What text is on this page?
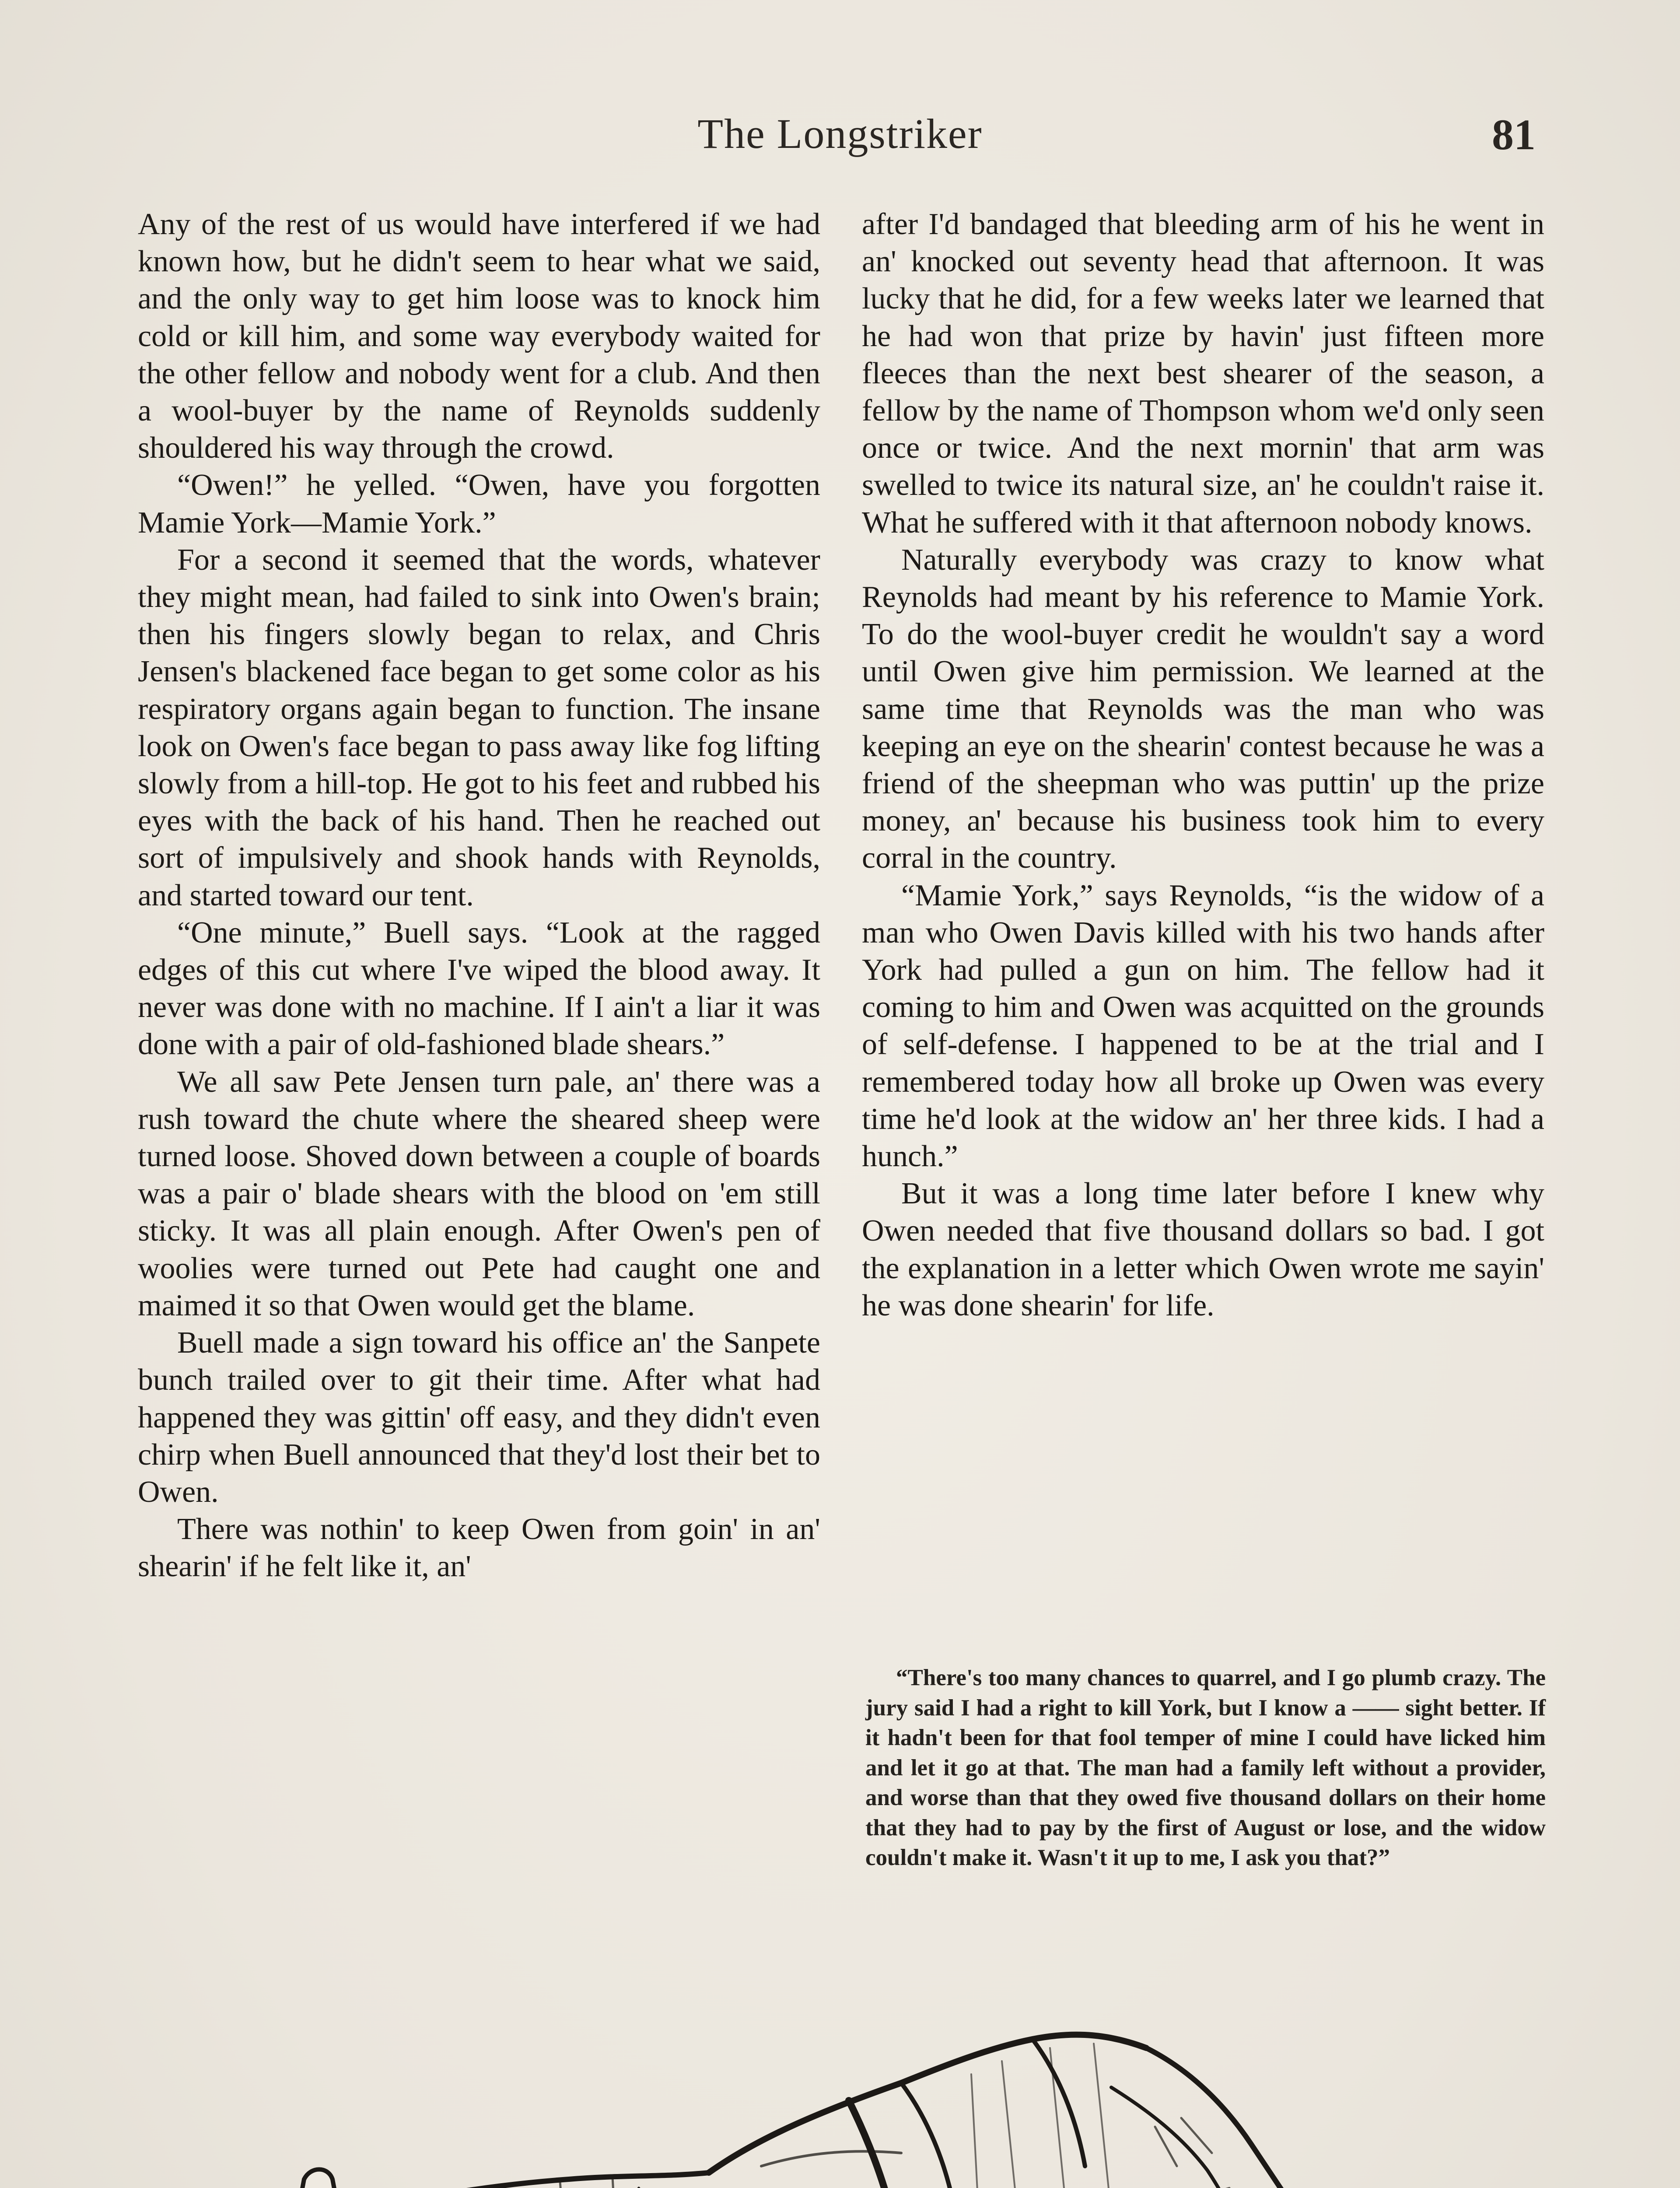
The Longstriker	81

Any of the rest of us would have interfered if we had known how, but he didn't seem to hear what we said, and the only way to get him loose was to knock him cold or kill him, and some way everybody waited for the other fellow and nobody went for a club. And then a wool-buyer by the name of Reynolds suddenly shouldered his way through the crowd.

“Owen!” he yelled. “Owen, have you forgotten Mamie York—Mamie York.”

For a second it seemed that the words, whatever they might mean, had failed to sink into Owen's brain; then his fingers slowly began to relax, and Chris Jensen's blackened face began to get some color as his respiratory organs again began to function. The insane look on Owen's face began to pass away like fog lifting slowly from a hill-top. He got to his feet and rubbed his eyes with the back of his hand. Then he reached out sort of impulsively and shook hands with Reynolds, and started toward our tent.

“One minute,” Buell says. “Look at the ragged edges of this cut where I've wiped the blood away. It never was done with no machine. If I ain't a liar it was done with a pair of old-fashioned blade shears.”

We all saw Pete Jensen turn pale, an' there was a rush toward the chute where the sheared sheep were turned loose. Shoved down between a couple of boards was a pair o' blade shears with the blood on 'em still sticky. It was all plain enough. After Owen's pen of woolies were turned out Pete had caught one and maimed it so that Owen would get the blame.

Buell made a sign toward his office an' the Sanpete bunch trailed over to git their time. After what had happened they was gittin' off easy, and they didn't even chirp when Buell announced that they'd lost their bet to Owen.

There was nothin' to keep Owen from goin' in an' shearin' if he felt like it, an'

after I'd bandaged that bleeding arm of his he went in an' knocked out seventy head that afternoon. It was lucky that he did, for a few weeks later we learned that he had won that prize by havin' just fifteen more fleeces than the next best shearer of the season, a fellow by the name of Thompson whom we'd only seen once or twice. And the next mornin' that arm was swelled to twice its natural size, an' he couldn't raise it. What he suffered with it that afternoon nobody knows.

Naturally everybody was crazy to know what Reynolds had meant by his reference to Mamie York. To do the wool-buyer credit he wouldn't say a word until Owen give him permission. We learned at the same time that Reynolds was the man who was keeping an eye on the shearin' contest because he was a friend of the sheepman who was puttin' up the prize money, an' because his business took him to every corral in the country.

“Mamie York,” says Reynolds, “is the widow of a man who Owen Davis killed with his two hands after York had pulled a gun on him. The fellow had it coming to him and Owen was acquitted on the grounds of self-defense. I happened to be at the trial and I remembered today how all broke up Owen was every time he'd look at the widow an' her three kids. I had a hunch.”

But it was a long time later before I knew why Owen needed that five thousand dollars so bad. I got the explanation in a letter which Owen wrote me sayin' he was done shearin' for life.

“There's too many chances to quarrel, and I go plumb crazy. The jury said I had a right to kill York, but I know a —— sight better. If it hadn't been for that fool temper of mine I could have licked him and let it go at that. The man had a family left without a provider, and worse than that they owed five thousand dollars on their home that they had to pay by the first of August or lose, and the widow couldn't make it. Wasn't it up to me, I ask you that?”
